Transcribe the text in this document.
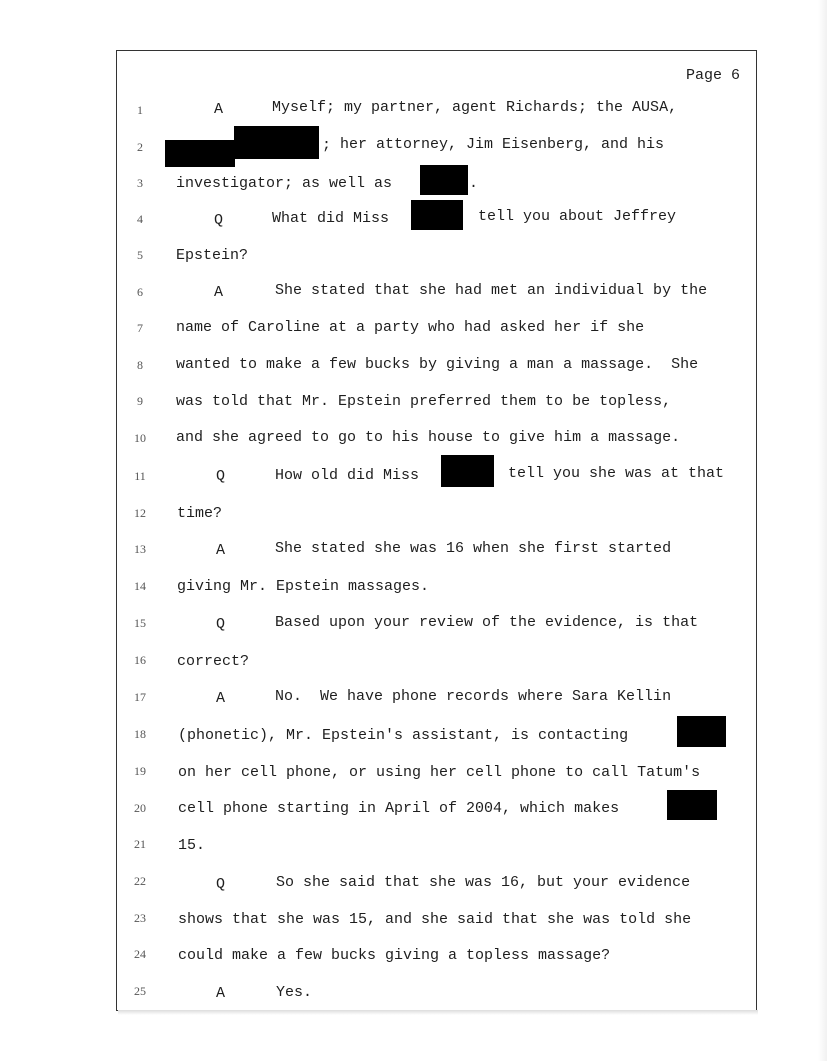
Page 6
1
2
3
4
5
6
7
8
9
10
11
12
13
14
15
16
17
18
19
20
21
22
23
24
25
A	Myself; my partner, agent Richards; the AUSA,
; her attorney, Jim Eisenberg, and his
investigator; as well as	.
Q	What did Miss	tell you about Jeffrey
Epstein?
A	She stated that she had met an individual by the
name of Caroline at a party who had asked her if she
wanted to make a few bucks by giving a man a massage.  She
was told that Mr. Epstein preferred them to be topless,
and she agreed to go to his house to give him a massage.
Q	How old did Miss	tell you she was at that
time?
A	She stated she was 16 when she first started
giving Mr. Epstein massages.
Q	Based upon your review of the evidence, is that
correct?
A	No.  We have phone records where Sara Kellin
(phonetic), Mr. Epstein's assistant, is contacting
on her cell phone, or using her cell phone to call Tatum's
cell phone starting in April of 2004, which makes
15.
Q	So she said that she was 16, but your evidence
shows that she was 15, and she said that she was told she
could make a few bucks giving a topless massage?
A	Yes.
